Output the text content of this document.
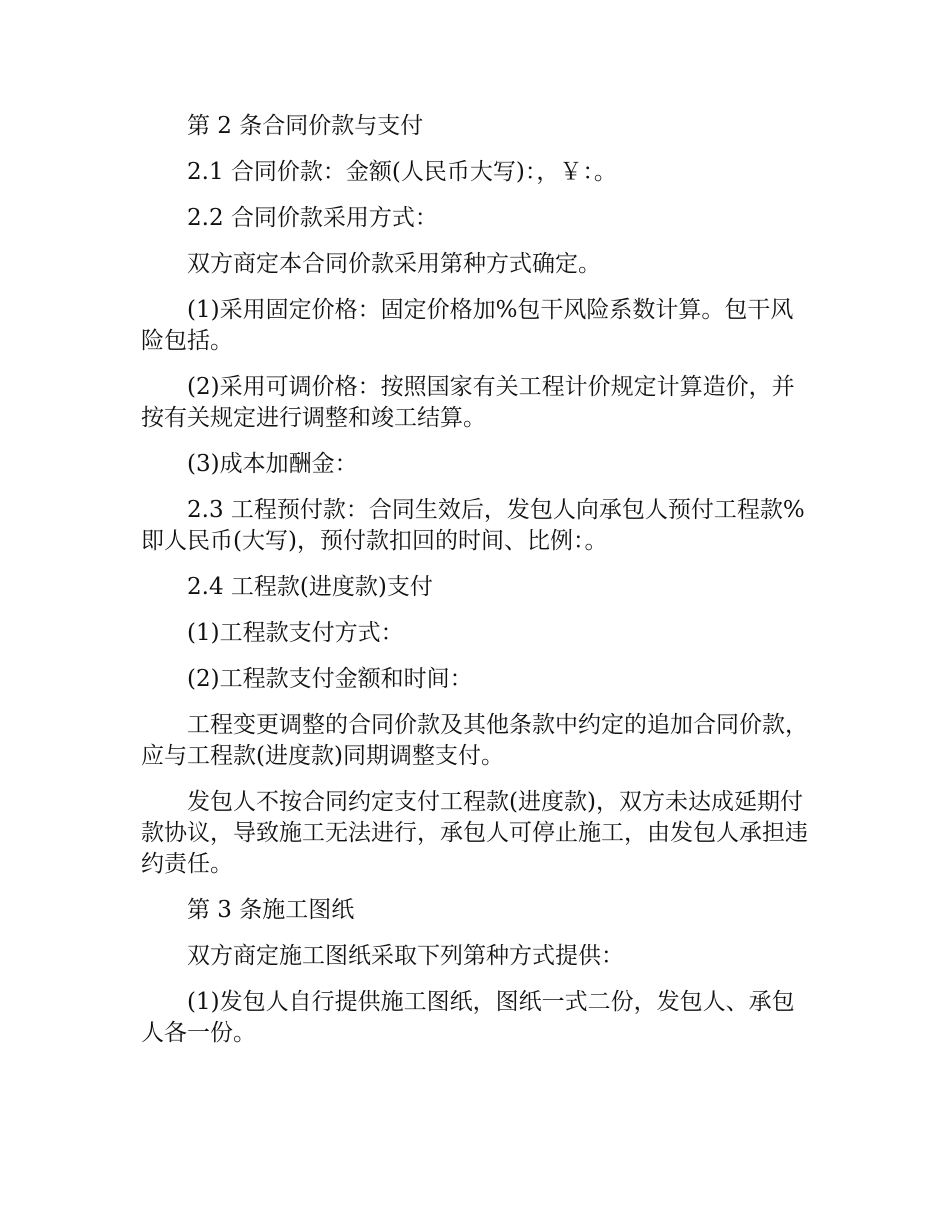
第 2 条合同价款与支付

2.1 合同价款：金额(人民币大写)：，￥：。

2.2 合同价款采用方式：

双方商定本合同价款采用第种方式确定。

(1)采用固定价格：固定价格加%包干风险系数计算。包干风险包括。

(2)采用可调价格：按照国家有关工程计价规定计算造价，并按有关规定进行调整和竣工结算。

(3)成本加酬金：

2.3 工程预付款：合同生效后，发包人向承包人预付工程款%即人民币(大写)，预付款扣回的时间、比例：。

2.4 工程款(进度款)支付

(1)工程款支付方式：

(2)工程款支付金额和时间：

工程变更调整的合同价款及其他条款中约定的追加合同价款，应与工程款(进度款)同期调整支付。

发包人不按合同约定支付工程款(进度款)，双方未达成延期付款协议，导致施工无法进行，承包人可停止施工，由发包人承担违约责任。

第 3 条施工图纸

双方商定施工图纸采取下列第种方式提供：

(1)发包人自行提供施工图纸，图纸一式二份，发包人、承包人各一份。
